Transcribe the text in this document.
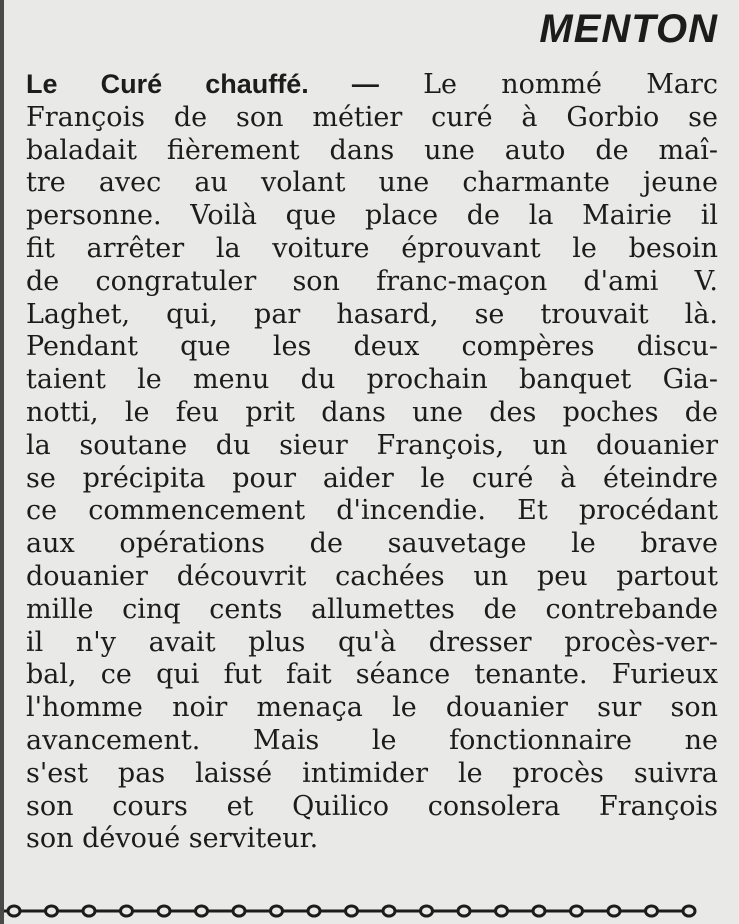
MENTON
Le Curé chauffé. — Le nommé Marc
François de son métier curé à Gorbio se
baladait fièrement dans une auto de maî-
tre avec au volant une charmante jeune
personne. Voilà que place de la Mairie il
fit arrêter la voiture éprouvant le besoin
de congratuler son franc-maçon d'ami V.
Laghet, qui, par hasard, se trouvait là.
Pendant que les deux compères discu-
taient le menu du prochain banquet Gia-
notti, le feu prit dans une des poches de
la soutane du sieur François, un douanier
se précipita pour aider le curé à éteindre
ce commencement d'incendie. Et procédant
aux opérations de sauvetage le brave
douanier découvrit cachées un peu partout
mille cinq cents allumettes de contrebande
il n'y avait plus qu'à dresser procès-ver-
bal, ce qui fut fait séance tenante. Furieux
l'homme noir menaça le douanier sur son
avancement. Mais le fonctionnaire ne
s'est pas laissé intimider le procès suivra
son cours et Quilico consolera François
son dévoué serviteur.
